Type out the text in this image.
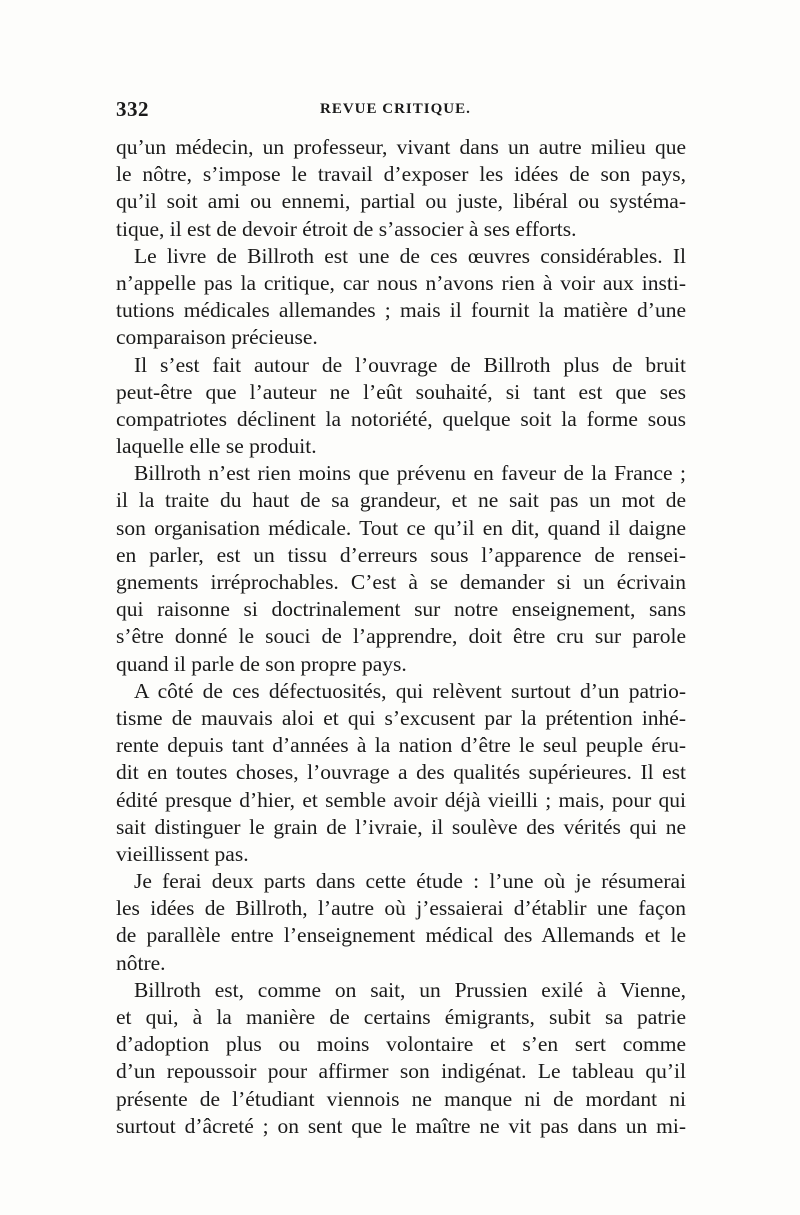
332	REVUE CRITIQUE.
qu’un médecin, un professeur, vivant dans un autre milieu que
le nôtre, s’impose le travail d’exposer les idées de son pays,
qu’il soit ami ou ennemi, partial ou juste, libéral ou systéma-
tique, il est de devoir étroit de s’associer à ses efforts.
Le livre de Billroth est une de ces œuvres considérables. Il
n’appelle pas la critique, car nous n’avons rien à voir aux insti-
tutions médicales allemandes ; mais il fournit la matière d’une
comparaison précieuse.
Il s’est fait autour de l’ouvrage de Billroth plus de bruit
peut-être que l’auteur ne l’eût souhaité, si tant est que ses
compatriotes déclinent la notoriété, quelque soit la forme sous
laquelle elle se produit.
Billroth n’est rien moins que prévenu en faveur de la France ;
il la traite du haut de sa grandeur, et ne sait pas un mot de
son organisation médicale. Tout ce qu’il en dit, quand il daigne
en parler, est un tissu d’erreurs sous l’apparence de rensei-
gnements irréprochables. C’est à se demander si un écrivain
qui raisonne si doctrinalement sur notre enseignement, sans
s’être donné le souci de l’apprendre, doit être cru sur parole
quand il parle de son propre pays.
A côté de ces défectuosités, qui relèvent surtout d’un patrio-
tisme de mauvais aloi et qui s’excusent par la prétention inhé-
rente depuis tant d’années à la nation d’être le seul peuple éru-
dit en toutes choses, l’ouvrage a des qualités supérieures. Il est
édité presque d’hier, et semble avoir déjà vieilli ; mais, pour qui
sait distinguer le grain de l’ivraie, il soulève des vérités qui ne
vieillissent pas.
Je ferai deux parts dans cette étude : l’une où je résumerai
les idées de Billroth, l’autre où j’essaierai d’établir une façon
de parallèle entre l’enseignement médical des Allemands et le
nôtre.
Billroth est, comme on sait, un Prussien exilé à Vienne,
et qui, à la manière de certains émigrants, subit sa patrie
d’adoption plus ou moins volontaire et s’en sert comme
d’un repoussoir pour affirmer son indigénat. Le tableau qu’il
présente de l’étudiant viennois ne manque ni de mordant ni
surtout d’âcreté ; on sent que le maître ne vit pas dans un mi-
